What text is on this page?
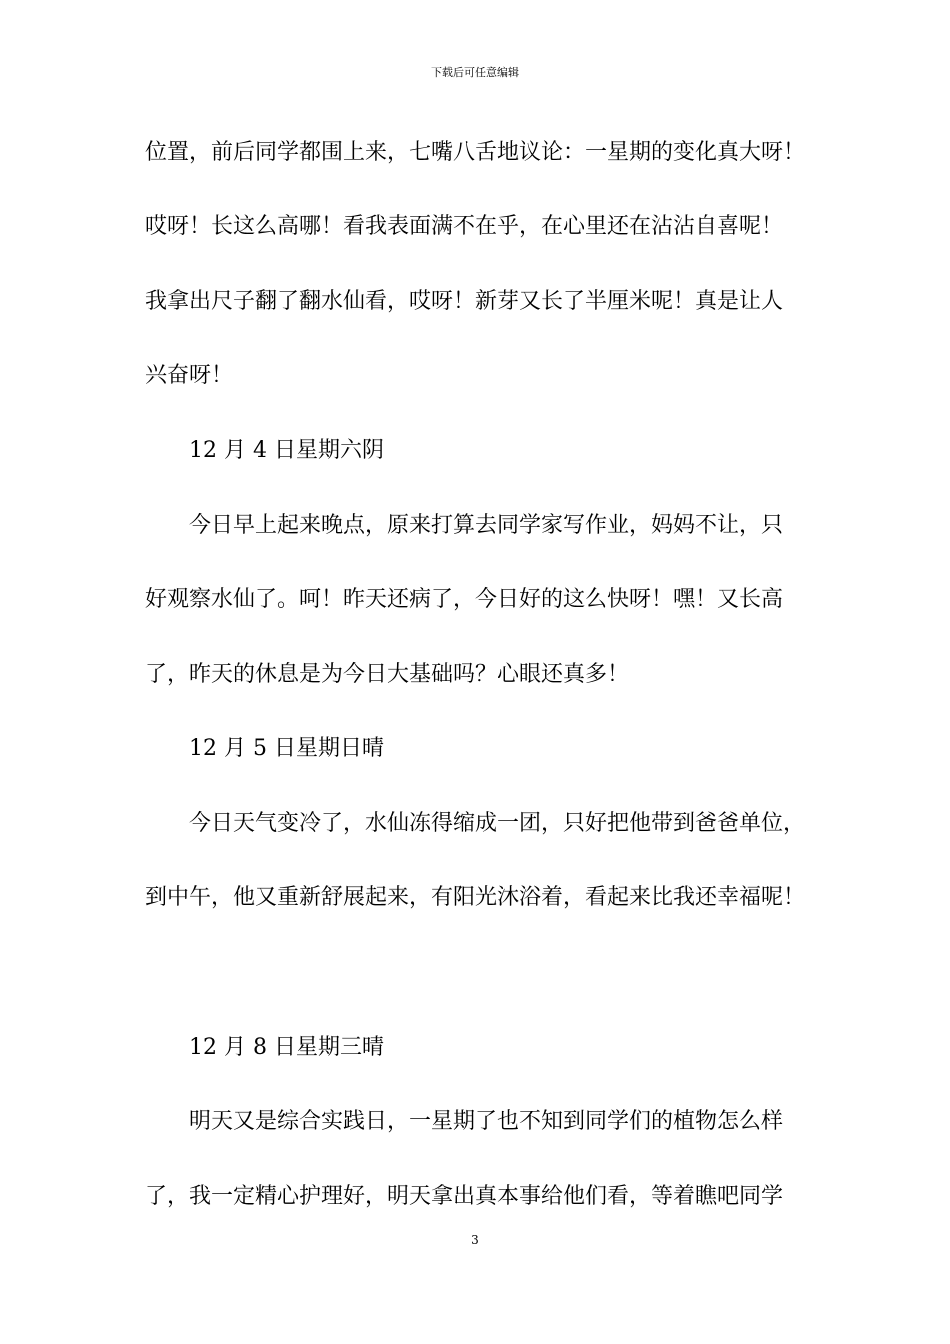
下载后可任意编辑
位置，前后同学都围上来，七嘴八舌地议论：一星期的变化真大呀！
哎呀！长这么高哪！看我表面满不在乎，在心里还在沾沾自喜呢！
我拿出尺子翻了翻水仙看，哎呀！新芽又长了半厘米呢！真是让人
兴奋呀！
12 月 4 日星期六阴
今日早上起来晚点，原来打算去同学家写作业，妈妈不让，只
好观察水仙了。呵！昨天还病了，今日好的这么快呀！嘿！又长高
了，昨天的休息是为今日大基础吗？心眼还真多！
12 月 5 日星期日晴
今日天气变冷了，水仙冻得缩成一团，只好把他带到爸爸单位，
到中午，他又重新舒展起来，有阳光沐浴着，看起来比我还幸福呢！
12 月 8 日星期三晴
明天又是综合实践日，一星期了也不知到同学们的植物怎么样
了，我一定精心护理好，明天拿出真本事给他们看，等着瞧吧同学
3
